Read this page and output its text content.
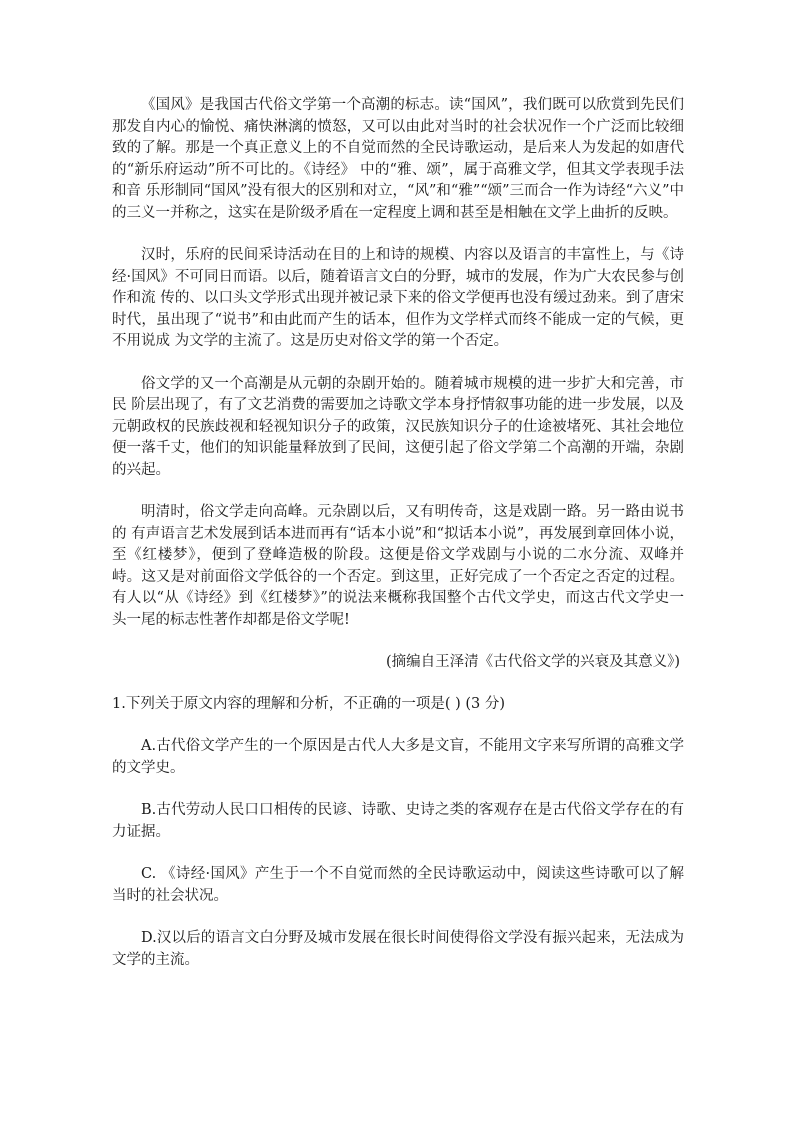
《国风》是我国古代俗文学第一个高潮的标志。读“国风”，我们既可以欣赏到先民们那发自内心的愉悦、痛快淋漓的愤怒，又可以由此对当时的社会状况作一个广泛而比较细致的了解。那是一个真正意义上的不自觉而然的全民诗歌运动，是后来人为发起的如唐代的“新乐府运动”所不可比的。《诗经》 中的“雅、颂”，属于高雅文学，但其文学表现手法和音 乐形制同“国风”没有很大的区别和对立，“风”和“雅”“颂”三而合一作为诗经“六义”中的三义一并称之，这实在是阶级矛盾在一定程度上调和甚至是相触在文学上曲折的反映。

汉时，乐府的民间采诗活动在目的上和诗的规模、内容以及语言的丰富性上，与《诗经·国风》不可同日而语。以后，随着语言文白的分野，城市的发展，作为广大农民参与创作和流 传的、以口头文学形式出现并被记录下来的俗文学便再也没有缓过劲来。到了唐宋时代，虽出现了“说书”和由此而产生的话本，但作为文学样式而终不能成一定的气候，更不用说成 为文学的主流了。这是历史对俗文学的第一个否定。

俗文学的又一个高潮是从元朝的杂剧开始的。随着城市规模的进一步扩大和完善，市民 阶层出现了，有了文艺消费的需要加之诗歌文学本身抒情叙事功能的进一步发展，以及元朝政权的民族歧视和轻视知识分子的政策，汉民族知识分子的仕途被堵死、其社会地位便一落千丈，他们的知识能量释放到了民间，这便引起了俗文学第二个高潮的开端，杂剧的兴起。

明清时，俗文学走向高峰。元杂剧以后，又有明传奇，这是戏剧一路。另一路由说书的 有声语言艺术发展到话本进而再有“话本小说”和“拟话本小说”，再发展到章回体小说，至《红楼梦》，便到了登峰造极的阶段。这便是俗文学戏剧与小说的二水分流、双峰并峙。这又是对前面俗文学低谷的一个否定。到这里，正好完成了一个否定之否定的过程。有人以“从《诗经》到《红楼梦》”的说法来概称我国整个古代文学史，而这古代文学史一头一尾的标志性著作却都是俗文学呢!

(摘编自王泽清《古代俗文学的兴衰及其意义》)

1.下列关于原文内容的理解和分析，不正确的一项是( ) (3 分)

A.古代俗文学产生的一个原因是古代人大多是文盲，不能用文字来写所谓的高雅文学的文学史。

B.古代劳动人民口口相传的民谚、诗歌、史诗之类的客观存在是古代俗文学存在的有力证据。

C. 《诗经·国风》产生于一个不自觉而然的全民诗歌运动中，阅读这些诗歌可以了解当时的社会状况。

D.汉以后的语言文白分野及城市发展在很长时间使得俗文学没有振兴起来，无法成为文学的主流。
